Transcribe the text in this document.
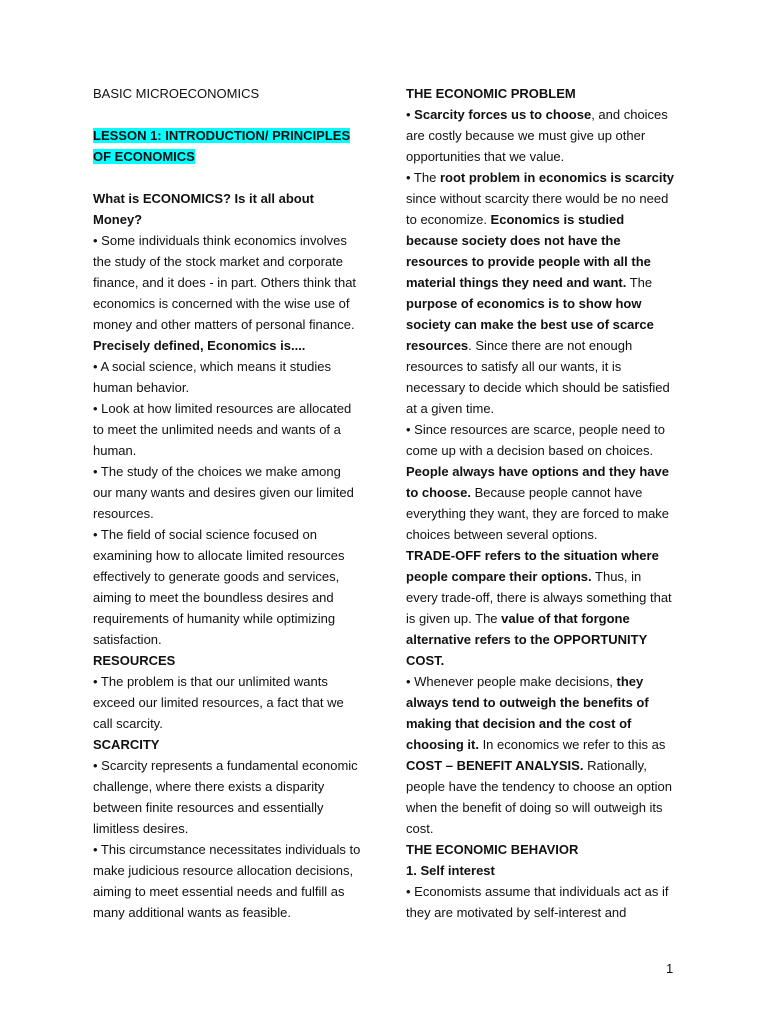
BASIC MICROECONOMICS
LESSON 1: INTRODUCTION/ PRINCIPLES
OF ECONOMICS
What is ECONOMICS? Is it all about
Money?
• Some individuals think economics involves
the study of the stock market and corporate
finance, and it does - in part. Others think that
economics is concerned with the wise use of
money and other matters of personal finance.
Precisely defined, Economics is....
• A social science, which means it studies
human behavior.
• Look at how limited resources are allocated
to meet the unlimited needs and wants of a
human.
• The study of the choices we make among
our many wants and desires given our limited
resources.
• The field of social science focused on
examining how to allocate limited resources
effectively to generate goods and services,
aiming to meet the boundless desires and
requirements of humanity while optimizing
satisfaction.
RESOURCES
• The problem is that our unlimited wants
exceed our limited resources, a fact that we
call scarcity.
SCARCITY
• Scarcity represents a fundamental economic
challenge, where there exists a disparity
between finite resources and essentially
limitless desires.
• This circumstance necessitates individuals to
make judicious resource allocation decisions,
aiming to meet essential needs and fulfill as
many additional wants as feasible.
THE ECONOMIC PROBLEM
• Scarcity forces us to choose, and choices
are costly because we must give up other
opportunities that we value.
• The root problem in economics is scarcity
since without scarcity there would be no need
to economize. Economics is studied
because society does not have the
resources to provide people with all the
material things they need and want. The
purpose of economics is to show how
society can make the best use of scarce
resources. Since there are not enough
resources to satisfy all our wants, it is
necessary to decide which should be satisfied
at a given time.
• Since resources are scarce, people need to
come up with a decision based on choices.
People always have options and they have
to choose. Because people cannot have
everything they want, they are forced to make
choices between several options.
TRADE-OFF refers to the situation where
people compare their options. Thus, in
every trade-off, there is always something that
is given up. The value of that forgone
alternative refers to the OPPORTUNITY
COST.
• Whenever people make decisions, they
always tend to outweigh the benefits of
making that decision and the cost of
choosing it. In economics we refer to this as
COST – BENEFIT ANALYSIS. Rationally,
people have the tendency to choose an option
when the benefit of doing so will outweigh its
cost.
THE ECONOMIC BEHAVIOR
1. Self interest
• Economists assume that individuals act as if
they are motivated by self-interest and
1
